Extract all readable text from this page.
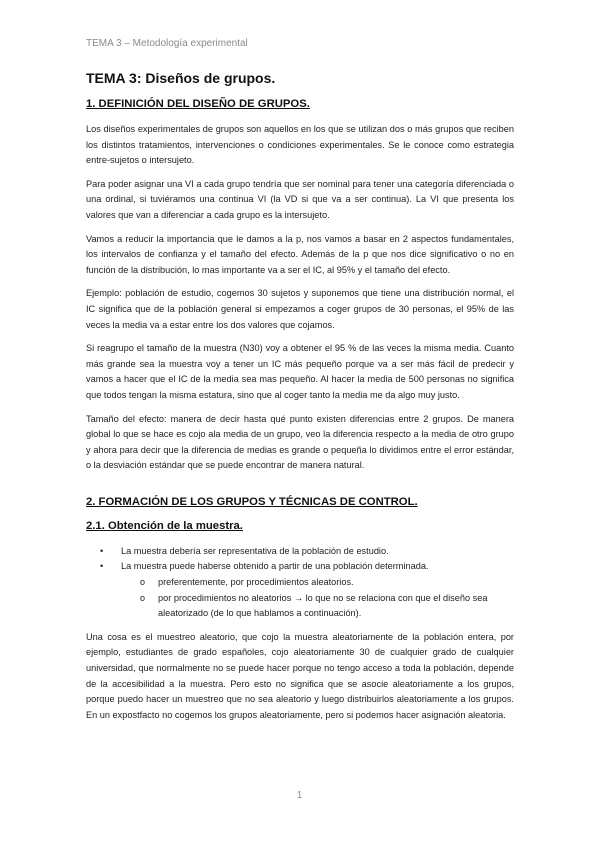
TEMA 3 – Metodología experimental
TEMA 3: Diseños de grupos.
1. DEFINICIÓN DEL DISEÑO DE GRUPOS.

Los diseños experimentales de grupos son aquellos en los que se utilizan dos o más grupos que reciben los distintos tratamientos, intervenciones o condiciones experimentales. Se le conoce como estrategia entre-sujetos o intersujeto.

Para poder asignar una VI a cada grupo tendría que ser nominal para tener una categoría diferenciada o una ordinal, si tuviéramos una continua VI (la VD si que va a ser continua). La VI que presenta los valores que van a diferenciar a cada grupo es la intersujeto.

Vamos a reducir la importancia que le damos a la p, nos vamos a basar en 2 aspectos fundamentales, los intervalos de confianza y el tamaño del efecto. Además de la p que nos dice significativo o no en función de la distribución, lo mas importante va a ser el IC, al 95% y el tamaño del efecto.

Ejemplo: población de estudio, cogemos 30 sujetos y suponemos que tiene una distribución normal, el IC significa que de la población general si empezamos a coger grupos de 30 personas, el 95% de las veces la media va a estar entre los dos valores que cojamos.

Si reagrupo el tamaño de la muestra (N30) voy a obtener el 95 % de las veces la misma media. Cuanto más grande sea la muestra voy a tener un IC más pequeño porque va a ser más fácil de predecir y vamos a hacer que el IC de la media sea mas pequeño. Al hacer la media de 500 personas no significa que todos tengan la misma estatura, sino que al coger tanto la media me da algo muy justo.

Tamaño del efecto: manera de decir hasta qué punto existen diferencias entre 2 grupos. De manera global lo que se hace es cojo ala media de un grupo, veo la diferencia respecto a la media de otro grupo y ahora para decir que la diferencia de medias es grande o pequeña lo dividimos entre el error estándar, o la desviación estándar que se puede encontrar de manera natural.

2. FORMACIÓN DE LOS GRUPOS Y TÉCNICAS DE CONTROL.
2.1. Obtención de la muestra.
• La muestra debería ser representativa de la población de estudio.
• La muestra puede haberse obtenido a partir de una población determinada.
o preferentemente, por procedimientos aleatorios.
o por procedimientos no aleatorios → lo que no se relaciona con que el diseño sea aleatorizado (de lo que hablamos a continuación).

Una cosa es el muestreo aleatorio, que cojo la muestra aleatoriamente de la población entera, por ejemplo, estudiantes de grado españoles, cojo aleatoriamente 30 de cualquier grado de cualquier universidad, que normalmente no se puede hacer porque no tengo acceso a toda la población, depende de la accesibilidad a la muestra. Pero esto no significa que se asocie aleatoriamente a los grupos, porque puedo hacer un muestreo que no sea aleatorio y luego distribuirlos aleatoriamente a los grupos. En un expostfacto no cogemos los grupos aleatoriamente, pero si podemos hacer asignación aleatoria.

1
